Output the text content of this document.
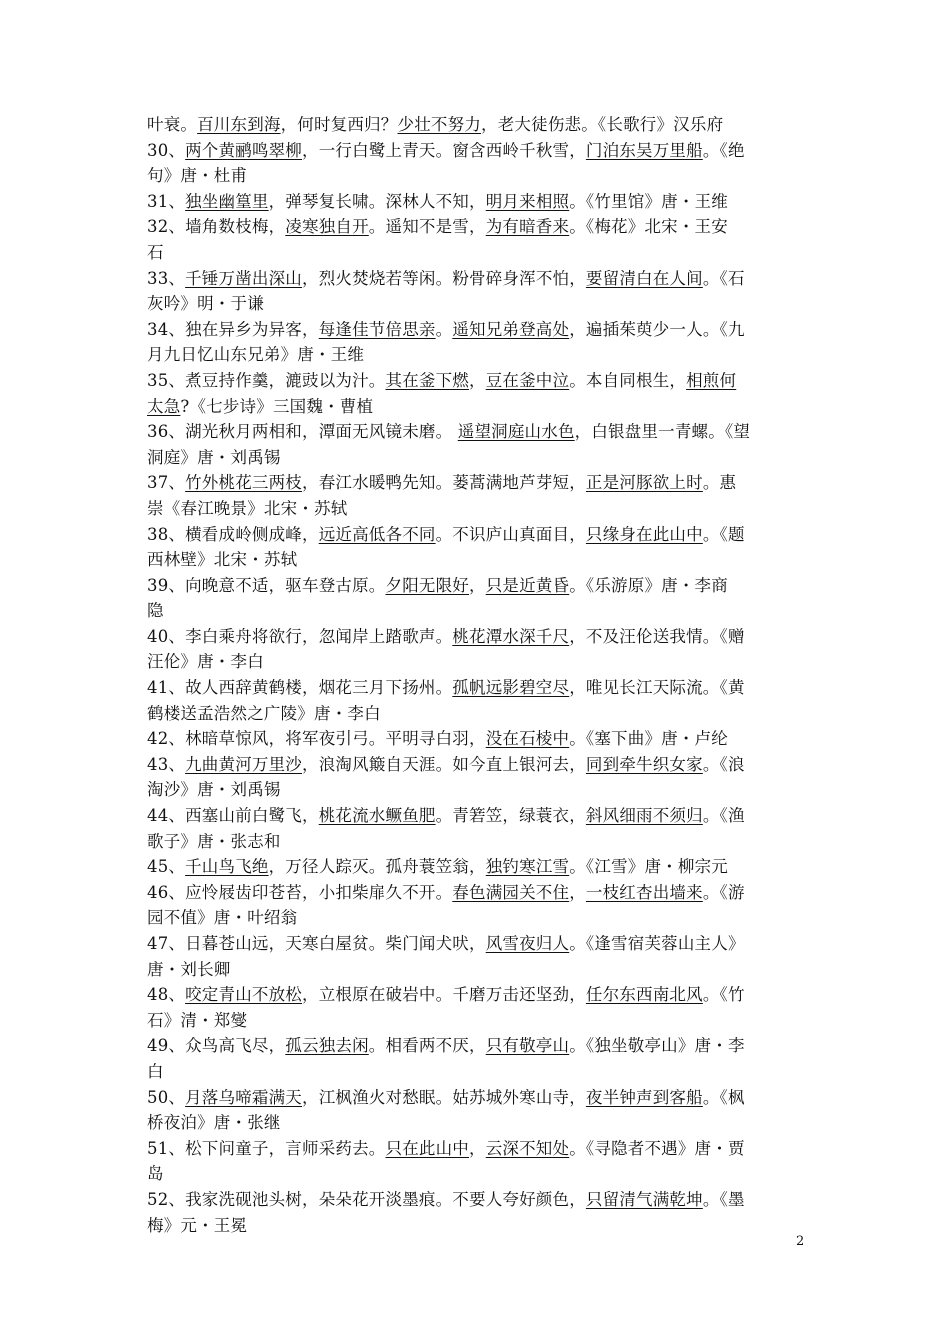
叶衰。百川东到海，何时复西归？少壮不努力，老大徒伤悲。《长歌行》汉乐府
30、两个黄鹂鸣翠柳，一行白鹭上青天。窗含西岭千秋雪，门泊东吴万里船。《绝
句》唐・杜甫
31、独坐幽篁里，弹琴复长啸。深林人不知，明月来相照。《竹里馆》唐・王维
32、墙角数枝梅，凌寒独自开。遥知不是雪，为有暗香来。《梅花》北宋・王安
石
33、千锤万凿出深山，烈火焚烧若等闲。粉骨碎身浑不怕，要留清白在人间。《石
灰吟》明・于谦
34、独在异乡为异客，每逢佳节倍思亲。遥知兄弟登高处，遍插茱萸少一人。《九
月九日忆山东兄弟》唐・王维
35、煮豆持作羹，漉豉以为汁。其在釜下燃，豆在釜中泣。本自同根生，相煎何
太急?《七步诗》三国魏・曹植
36、湖光秋月两相和，潭面无风镜未磨。 遥望洞庭山水色，白银盘里一青螺。《望
洞庭》唐・刘禹锡
37、竹外桃花三两枝，春江水暖鸭先知。蒌蒿满地芦芽短，正是河豚欲上时。惠
崇《春江晚景》北宋・苏轼
38、横看成岭侧成峰，远近高低各不同。不识庐山真面目，只缘身在此山中。《题
西林壁》北宋・苏轼
39、向晚意不适，驱车登古原。夕阳无限好，只是近黄昏。《乐游原》唐・李商
隐
40、李白乘舟将欲行，忽闻岸上踏歌声。桃花潭水深千尺，不及汪伦送我情。《赠
汪伦》唐・李白
41、故人西辞黄鹤楼，烟花三月下扬州。孤帆远影碧空尽，唯见长江天际流。《黄
鹤楼送孟浩然之广陵》唐・李白
42、林暗草惊风，将军夜引弓。平明寻白羽，没在石棱中。《塞下曲》唐・卢纶
43、九曲黄河万里沙，浪淘风簸自天涯。如今直上银河去，同到牵牛织女家。《浪
淘沙》唐・刘禹锡
44、西塞山前白鹭飞，桃花流水鳜鱼肥。青箬笠，绿蓑衣，斜风细雨不须归。《渔
歌子》唐・张志和
45、千山鸟飞绝，万径人踪灭。孤舟蓑笠翁，独钓寒江雪。《江雪》唐・柳宗元
46、应怜屐齿印苍苔，小扣柴扉久不开。春色满园关不住，一枝红杏出墙来。《游
园不值》唐・叶绍翁
47、日暮苍山远，天寒白屋贫。柴门闻犬吠，风雪夜归人。《逢雪宿芙蓉山主人》
唐・刘长卿
48、咬定青山不放松，立根原在破岩中。千磨万击还坚劲，任尔东西南北风。《竹
石》清・郑燮
49、众鸟高飞尽，孤云独去闲。相看两不厌，只有敬亭山。《独坐敬亭山》唐・李
白
50、月落乌啼霜满天，江枫渔火对愁眠。姑苏城外寒山寺，夜半钟声到客船。《枫
桥夜泊》唐・张继
51、松下问童子，言师采药去。只在此山中，云深不知处。《寻隐者不遇》唐・贾
岛
52、我家洗砚池头树，朵朵花开淡墨痕。不要人夸好颜色，只留清气满乾坤。《墨
梅》元・王冕
2
